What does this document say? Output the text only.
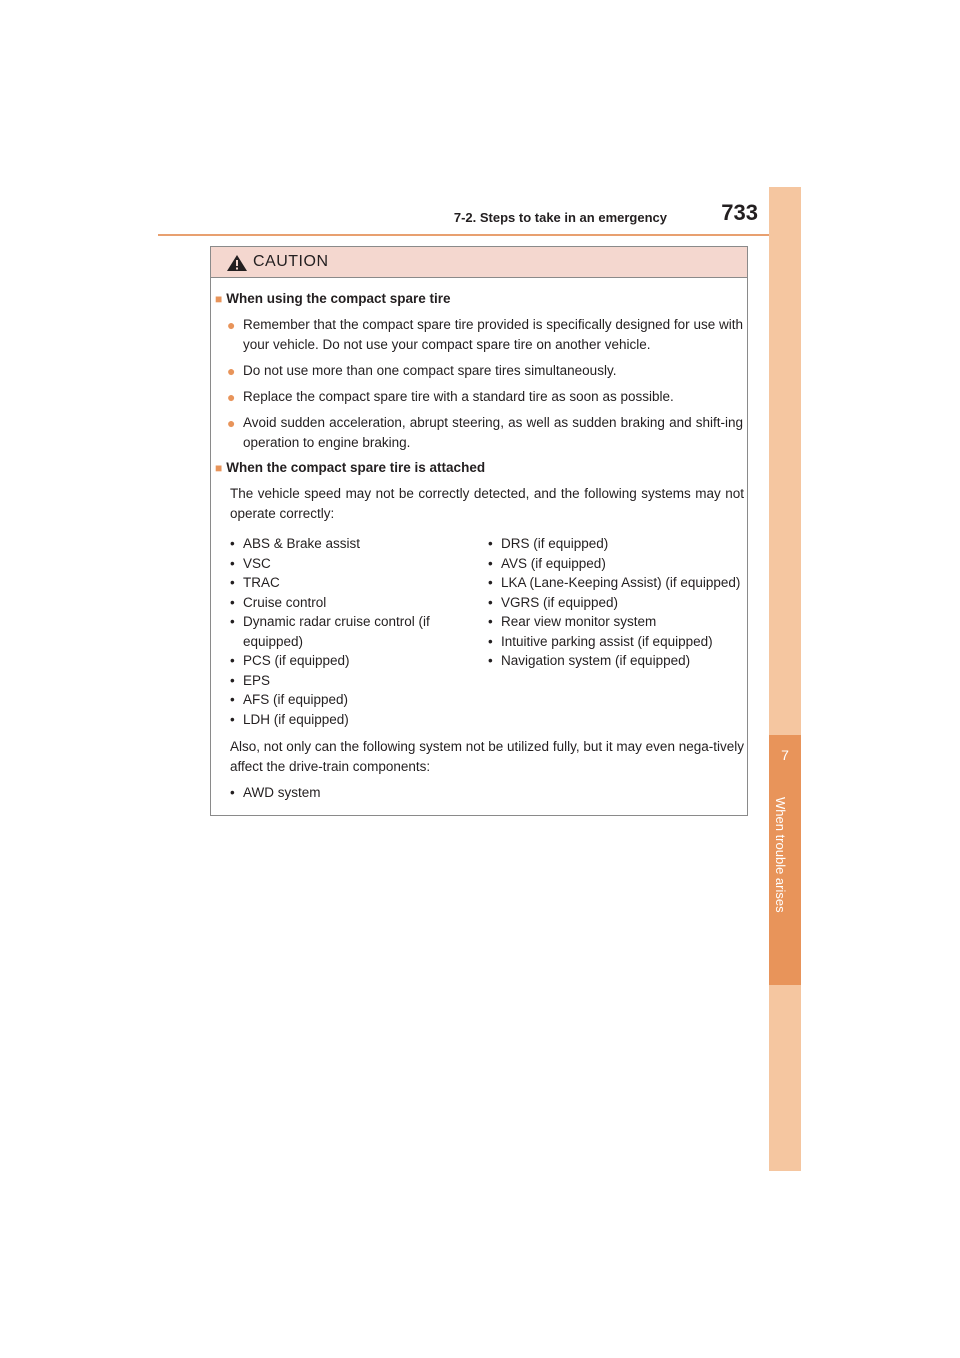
7-2. Steps to take in an emergency 733
7
When trouble arises
CAUTION
■ When using the compact spare tire
● Remember that the compact spare tire provided is specifically designed for use with your vehicle. Do not use your compact spare tire on another vehicle.
● Do not use more than one compact spare tires simultaneously.
● Replace the compact spare tire with a standard tire as soon as possible.
● Avoid sudden acceleration, abrupt steering, as well as sudden braking and shift-ing operation to engine braking.
■ When the compact spare tire is attached
The vehicle speed may not be correctly detected, and the following systems may not operate correctly:
• ABS & Brake assist
• VSC
• TRAC
• Cruise control
• Dynamic radar cruise control (if equipped)
• PCS (if equipped)
• EPS
• AFS (if equipped)
• LDH (if equipped)
• DRS (if equipped)
• AVS (if equipped)
• LKA (Lane-Keeping Assist) (if equipped)
• VGRS (if equipped)
• Rear view monitor system
• Intuitive parking assist (if equipped)
• Navigation system (if equipped)
Also, not only can the following system not be utilized fully, but it may even nega-tively affect the drive-train components:
• AWD system
